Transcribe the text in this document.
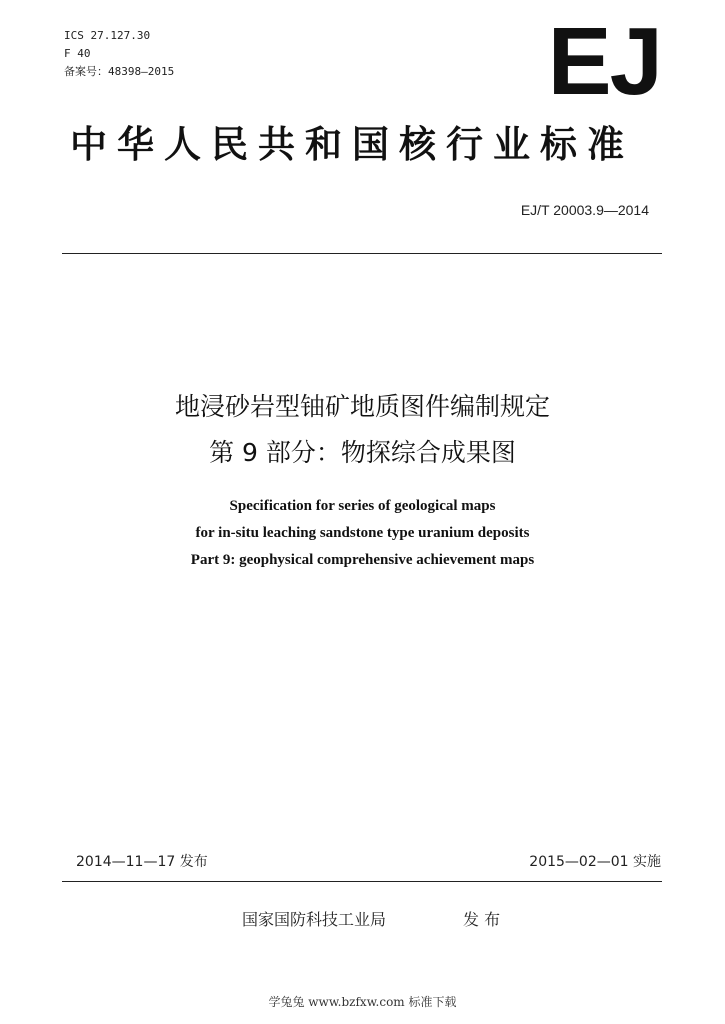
ICS 27.127.30
F 40
备案号：48398—2015	EJ
中华人民共和国核行业标准
EJ/T 20003.9—2014
地浸砂岩型铀矿地质图件编制规定
第 9 部分：物探综合成果图
Specification for series of geological maps
for in-situ leaching sandstone type uranium deposits
Part 9: geophysical comprehensive achievement maps
2014—11—17 发布	2015—02—01 实施
国家国防科技工业局	发 布
学兔兔 www.bzfxw.com 标准下载
